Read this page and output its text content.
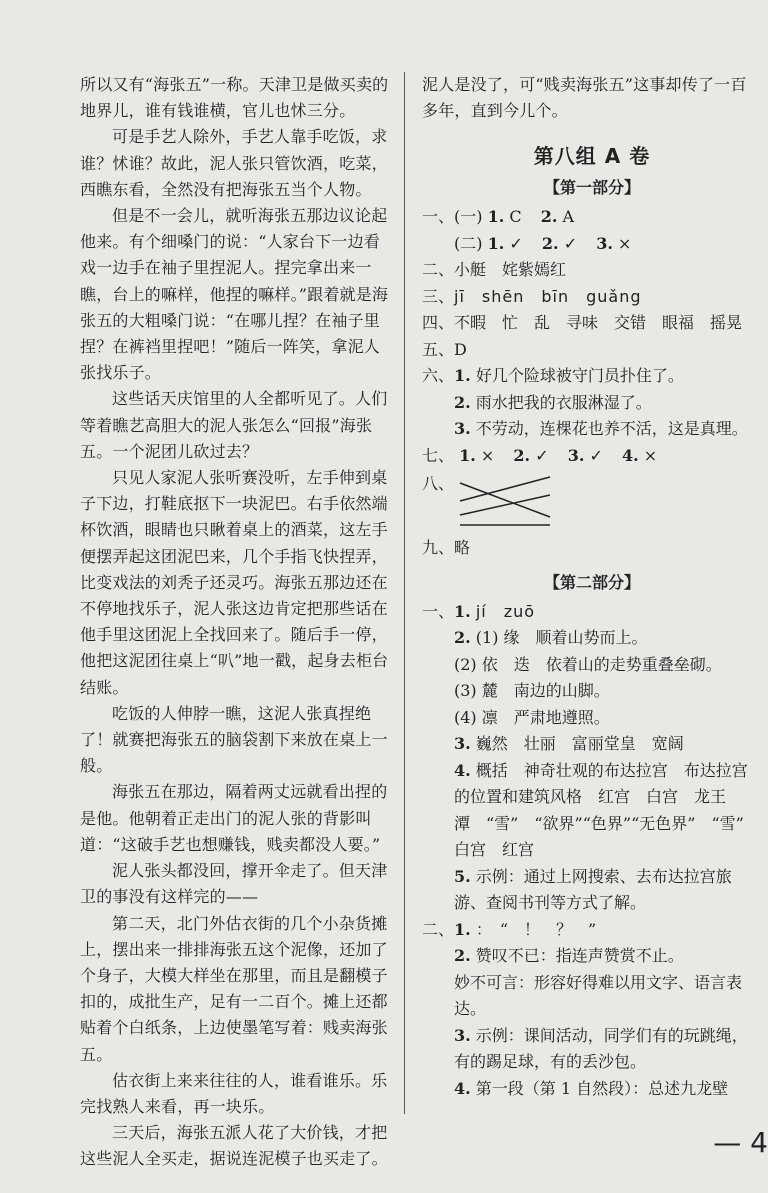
所以又有“海张五”一称。天津卫是做买卖的地界儿，谁有钱谁横，官儿也怵三分。

可是手艺人除外，手艺人靠手吃饭，求谁？怵谁？故此，泥人张只管饮酒，吃菜，西瞧东看，全然没有把海张五当个人物。

但是不一会儿，就听海张五那边议论起他来。有个细嗓门的说：“人家台下一边看戏一边手在袖子里捏泥人。捏完拿出来一瞧，台上的嘛样，他捏的嘛样。”跟着就是海张五的大粗嗓门说：“在哪儿捏？在袖子里捏？在裤裆里捏吧！”随后一阵笑，拿泥人张找乐子。

这些话天庆馆里的人全都听见了。人们等着瞧艺高胆大的泥人张怎么“回报”海张五。一个泥团儿砍过去？

只见人家泥人张听赛没听，左手伸到桌子下边，打鞋底抠下一块泥巴。右手依然端杯饮酒，眼睛也只瞅着桌上的酒菜，这左手便摆弄起这团泥巴来，几个手指飞快捏弄，比变戏法的刘秃子还灵巧。海张五那边还在不停地找乐子，泥人张这边肯定把那些话在他手里这团泥上全找回来了。随后手一停，他把这泥团往桌上“叭”地一戳，起身去柜台结账。

吃饭的人伸脖一瞧，这泥人张真捏绝了！就赛把海张五的脑袋割下来放在桌上一般。

海张五在那边，隔着两丈远就看出捏的是他。他朝着正走出门的泥人张的背影叫道：“这破手艺也想赚钱，贱卖都没人要。”

泥人张头都没回，撑开伞走了。但天津卫的事没有这样完的——

第二天，北门外估衣街的几个小杂货摊上，摆出来一排排海张五这个泥像，还加了个身子，大模大样坐在那里，而且是翻模子扣的，成批生产，足有一二百个。摊上还都贴着个白纸条，上边使墨笔写着：贱卖海张五。

估衣街上来来往往的人，谁看谁乐。乐完找熟人来看，再一块乐。

三天后，海张五派人花了大价钱，才把这些泥人全买走，据说连泥模子也买走了。

泥人是没了，可“贱卖海张五”这事却传了一百多年，直到今儿个。

第八组 A 卷
【第一部分】
一、(一) 1. C 2. A
(二) 1. ✓ 2. ✓ 3. ×
二、小艇　姹紫嫣红
三、jī　shēn　bīn　guǎng
四、不暇　忙　乱　寻味　交错　眼福　摇晃
五、D
六、1. 好几个险球被守门员扑住了。
2. 雨水把我的衣服淋湿了。
3. 不劳动，连棵花也养不活，这是真理。
七、 1. × 2. ✓ 3. ✓ 4. ×
八、
九、略
【第二部分】
一、1. jí　zuō
2. (1) 缘　顺着山势而上。
(2) 依　迭　依着山的走势重叠垒砌。
(3) 麓　南边的山脚。
(4) 凛　严肃地遵照。
3. 巍然　壮丽　富丽堂皇　宽阔
4. 概括　神奇壮观的布达拉宫　布达拉宫的位置和建筑风格　红宫　白宫　龙王潭　“雪”　“欲界”“色界”“无色界”　“雪”　白宫　红宫
5. 示例：通过上网搜索、去布达拉宫旅游、查阅书刊等方式了解。
二、1. ：　“　！　？　”
2. 赞叹不已：指连声赞赏不止。
妙不可言：形容好得难以用文字、语言表达。
3. 示例：课间活动，同学们有的玩跳绳，有的踢足球，有的丢沙包。
4. 第一段（第 1 自然段）：总述九龙壁
— 4
